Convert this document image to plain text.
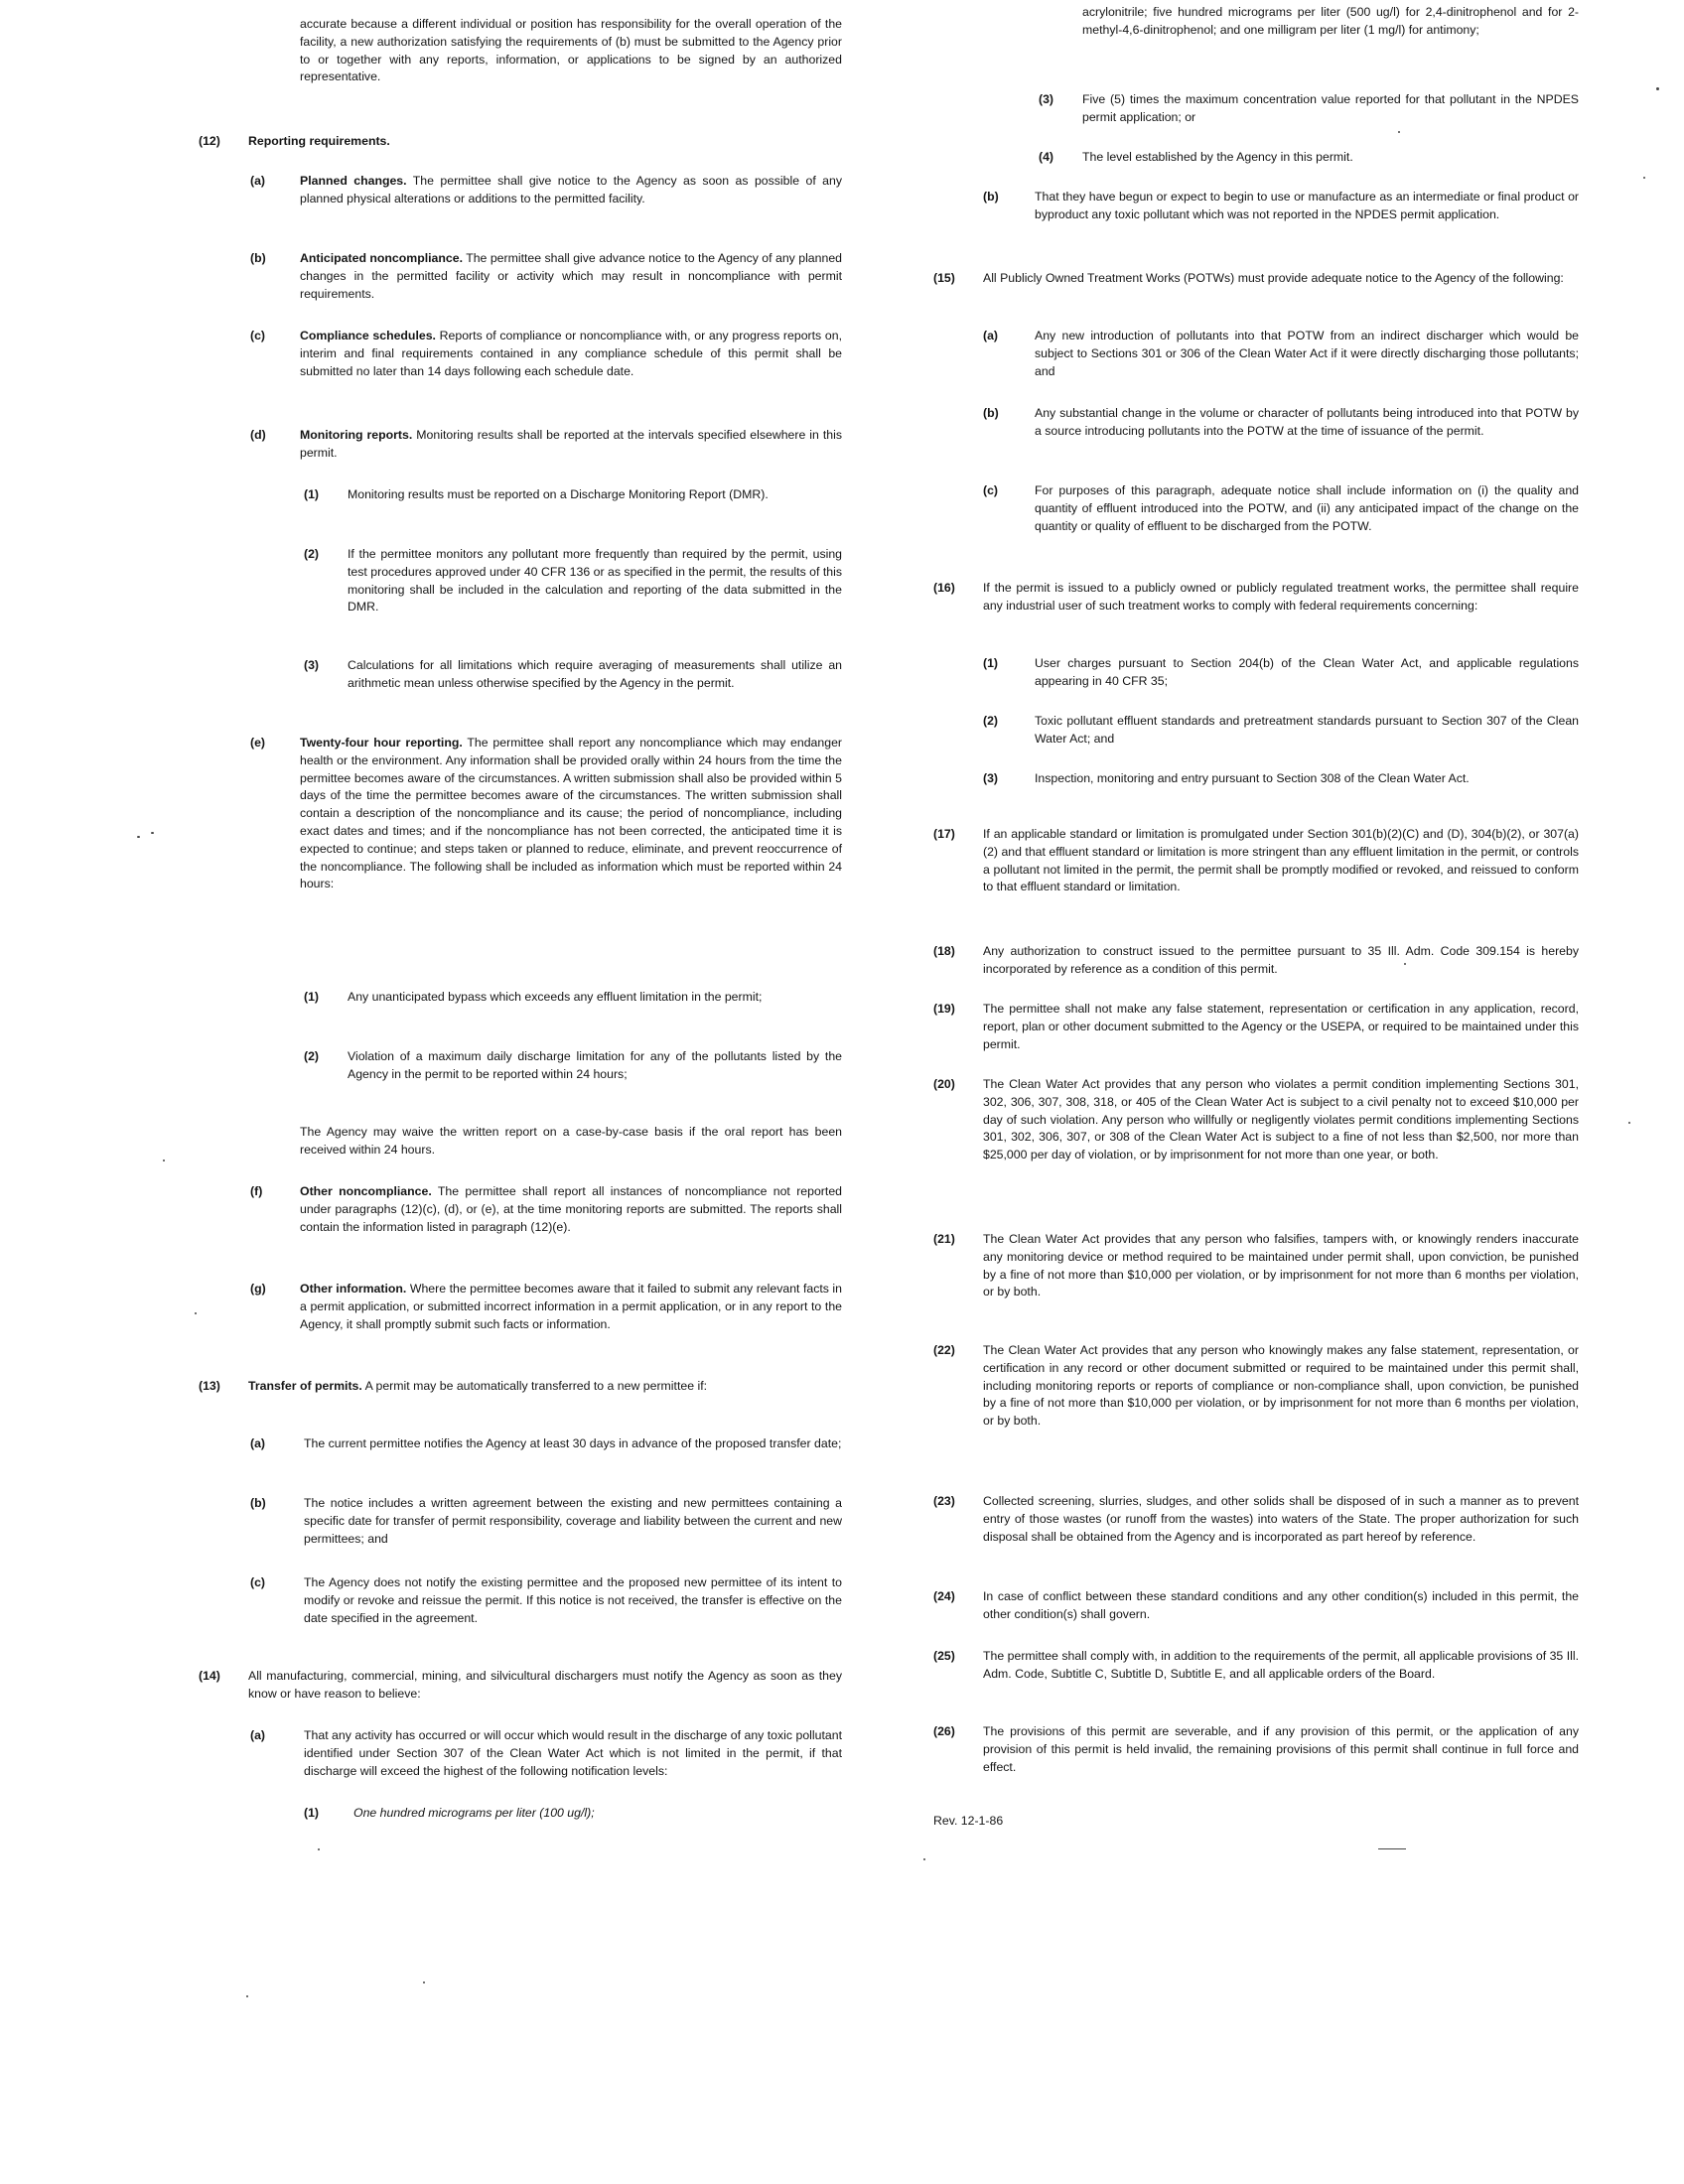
accurate because a different individual or position has responsibility for the overall operation of the facility, a new authorization satisfying the requirements of (b) must be submitted to the Agency prior to or together with any reports, information, or applications to be signed by an authorized representative.
(12) Reporting requirements.
(a)	Planned changes. The permittee shall give notice to the Agency as soon as possible of any planned physical alterations or additions to the permitted facility.
(b)	Anticipated noncompliance. The permittee shall give advance notice to the Agency of any planned changes in the permitted facility or activity which may result in noncompliance with permit requirements.
(c)	Compliance schedules. Reports of compliance or noncompliance with, or any progress reports on, interim and final requirements contained in any compliance schedule of this permit shall be submitted no later than 14 days following each schedule date.
(d)	Monitoring reports. Monitoring results shall be reported at the intervals specified elsewhere in this permit.
(1) Monitoring results must be reported on a Discharge Monitoring Report (DMR).
(2) If the permittee monitors any pollutant more frequently than required by the permit, using test procedures approved under 40 CFR 136 or as specified in the permit, the results of this monitoring shall be included in the calculation and reporting of the data submitted in the DMR.
(3) Calculations for all limitations which require averaging of measurements shall utilize an arithmetic mean unless otherwise specified by the Agency in the permit.
(e)	Twenty-four hour reporting. The permittee shall report any noncompliance which may endanger health or the environment. Any information shall be provided orally within 24 hours from the time the permittee becomes aware of the circumstances. A written submission shall also be provided within 5 days of the time the permittee becomes aware of the circumstances. The written submission shall contain a description of the noncompliance and its cause; the period of noncompliance, including exact dates and times; and if the noncompliance has not been corrected, the anticipated time it is expected to continue; and steps taken or planned to reduce, eliminate, and prevent reoccurrence of the noncompliance. The following shall be included as information which must be reported within 24 hours:
(1) Any unanticipated bypass which exceeds any effluent limitation in the permit;
(2) Violation of a maximum daily discharge limitation for any of the pollutants listed by the Agency in the permit to be reported within 24 hours;
The Agency may waive the written report on a case-by-case basis if the oral report has been received within 24 hours.
(f)	Other noncompliance. The permittee shall report all instances of noncompliance not reported under paragraphs (12)(c), (d), or (e), at the time monitoring reports are submitted. The reports shall contain the information listed in paragraph (12)(e).
(g)	Other information. Where the permittee becomes aware that it failed to submit any relevant facts in a permit application, or submitted incorrect information in a permit application, or in any report to the Agency, it shall promptly submit such facts or information.
(13) Transfer of permits. A permit may be automatically transferred to a new permittee if:
(a)	The current permittee notifies the Agency at least 30 days in advance of the proposed transfer date;
(b)	The notice includes a written agreement between the existing and new permittees containing a specific date for transfer of permit responsibility, coverage and liability between the current and new permittees; and
(c)	The Agency does not notify the existing permittee and the proposed new permittee of its intent to modify or revoke and reissue the permit. If this notice is not received, the transfer is effective on the date specified in the agreement.
(14) All manufacturing, commercial, mining, and silvicultural dischargers must notify the Agency as soon as they know or have reason to believe:
(a)	That any activity has occurred or will occur which would result in the discharge of any toxic pollutant identified under Section 307 of the Clean Water Act which is not limited in the permit, if that discharge will exceed the highest of the following notification levels:
(1)	One hundred micrograms per liter (100 ug/l);
acrylonitrile; five hundred micrograms per liter (500 ug/l) for 2,4-dinitrophenol and for 2-methyl-4,6-dinitrophenol; and one milligram per liter (1 mg/l) for antimony;
(3) Five (5) times the maximum concentration value reported for that pollutant in the NPDES permit application; or
(4) The level established by the Agency in this permit.
(b)	That they have begun or expect to begin to use or manufacture as an intermediate or final product or byproduct any toxic pollutant which was not reported in the NPDES permit application.
(15) All Publicly Owned Treatment Works (POTWs) must provide adequate notice to the Agency of the following:
(a)	Any new introduction of pollutants into that POTW from an indirect discharger which would be subject to Sections 301 or 306 of the Clean Water Act if it were directly discharging those pollutants; and
(b)	Any substantial change in the volume or character of pollutants being introduced into that POTW by a source introducing pollutants into the POTW at the time of issuance of the permit.
(c)	For purposes of this paragraph, adequate notice shall include information on (i) the quality and quantity of effluent introduced into the POTW, and (ii) any anticipated impact of the change on the quantity or quality of effluent to be discharged from the POTW.
(16) If the permit is issued to a publicly owned or publicly regulated treatment works, the permittee shall require any industrial user of such treatment works to comply with federal requirements concerning:
(1)	User charges pursuant to Section 204(b) of the Clean Water Act, and applicable regulations appearing in 40 CFR 35;
(2)	Toxic pollutant effluent standards and pretreatment standards pursuant to Section 307 of the Clean Water Act; and
(3)	Inspection, monitoring and entry pursuant to Section 308 of the Clean Water Act.
(17) If an applicable standard or limitation is promulgated under Section 301(b)(2)(C) and (D), 304(b)(2), or 307(a)(2) and that effluent standard or limitation is more stringent than any effluent limitation in the permit, or controls a pollutant not limited in the permit, the permit shall be promptly modified or revoked, and reissued to conform to that effluent standard or limitation.
(18) Any authorization to construct issued to the permittee pursuant to 35 Ill. Adm. Code 309.154 is hereby incorporated by reference as a condition of this permit.
(19) The permittee shall not make any false statement, representation or certification in any application, record, report, plan or other document submitted to the Agency or the USEPA, or required to be maintained under this permit.
(20) The Clean Water Act provides that any person who violates a permit condition implementing Sections 301, 302, 306, 307, 308, 318, or 405 of the Clean Water Act is subject to a civil penalty not to exceed $10,000 per day of such violation. Any person who willfully or negligently violates permit conditions implementing Sections 301, 302, 306, 307, or 308 of the Clean Water Act is subject to a fine of not less than $2,500, nor more than $25,000 per day of violation, or by imprisonment for not more than one year, or both.
(21) The Clean Water Act provides that any person who falsifies, tampers with, or knowingly renders inaccurate any monitoring device or method required to be maintained under permit shall, upon conviction, be punished by a fine of not more than $10,000 per violation, or by imprisonment for not more than 6 months per violation, or by both.
(22) The Clean Water Act provides that any person who knowingly makes any false statement, representation, or certification in any record or other document submitted or required to be maintained under this permit shall, including monitoring reports or reports of compliance or non-compliance shall, upon conviction, be punished by a fine of not more than $10,000 per violation, or by imprisonment for not more than 6 months per violation, or by both.
(23) Collected screening, slurries, sludges, and other solids shall be disposed of in such a manner as to prevent entry of those wastes (or runoff from the wastes) into waters of the State. The proper authorization for such disposal shall be obtained from the Agency and is incorporated as part hereof by reference.
(24) In case of conflict between these standard conditions and any other condition(s) included in this permit, the other condition(s) shall govern.
(25) The permittee shall comply with, in addition to the requirements of the permit, all applicable provisions of 35 Ill. Adm. Code, Subtitle C, Subtitle D, Subtitle E, and all applicable orders of the Board.
(26) The provisions of this permit are severable, and if any provision of this permit, or the application of any provision of this permit is held invalid, the remaining provisions of this permit shall continue in full force and effect.
Rev. 12-1-86
